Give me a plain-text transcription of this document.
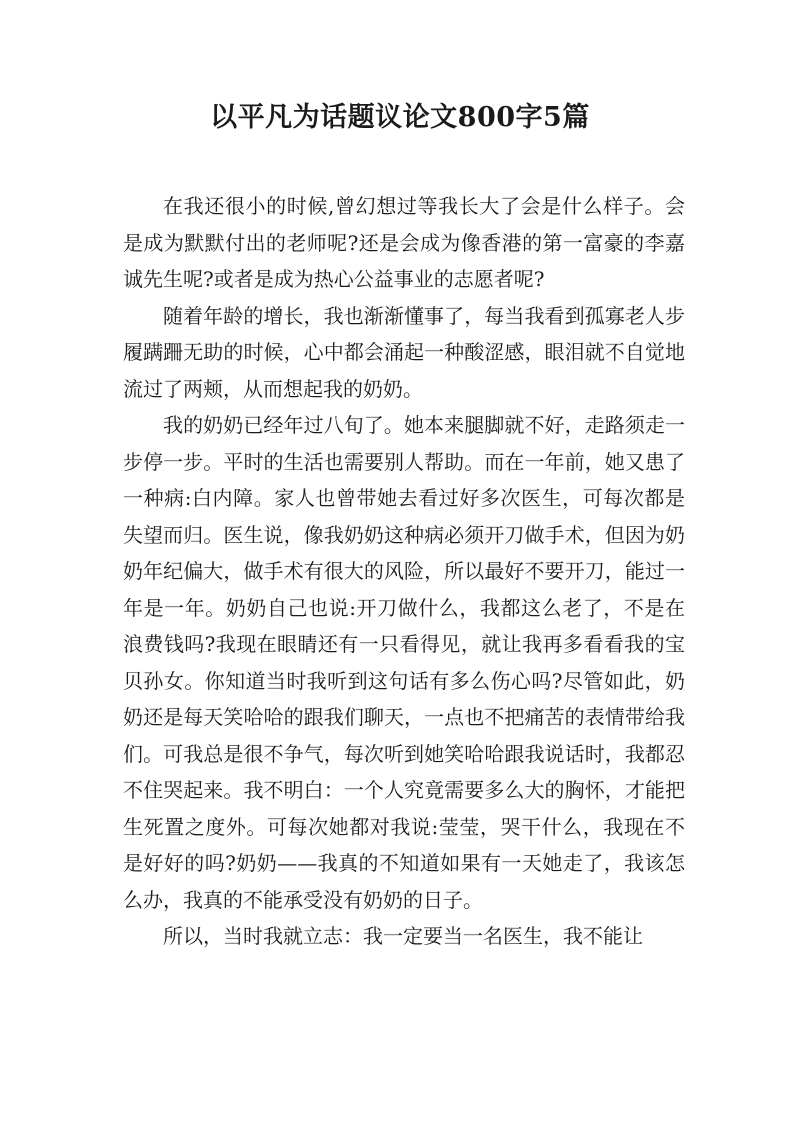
以平凡为话题议论文800字5篇

在我还很小的时候,曾幻想过等我长大了会是什么样子。会是成为默默付出的老师呢?还是会成为像香港的第一富豪的李嘉诚先生呢?或者是成为热心公益事业的志愿者呢?

随着年龄的增长，我也渐渐懂事了，每当我看到孤寡老人步履蹒跚无助的时候，心中都会涌起一种酸涩感，眼泪就不自觉地流过了两颊，从而想起我的奶奶。

我的奶奶已经年过八旬了。她本来腿脚就不好，走路须走一步停一步。平时的生活也需要别人帮助。而在一年前，她又患了一种病:白内障。家人也曾带她去看过好多次医生，可每次都是失望而归。医生说，像我奶奶这种病必须开刀做手术，但因为奶奶年纪偏大，做手术有很大的风险，所以最好不要开刀，能过一年是一年。奶奶自己也说:开刀做什么，我都这么老了，不是在浪费钱吗?我现在眼睛还有一只看得见，就让我再多看看我的宝贝孙女。你知道当时我听到这句话有多么伤心吗?尽管如此，奶奶还是每天笑哈哈的跟我们聊天，一点也不把痛苦的表情带给我们。可我总是很不争气，每次听到她笑哈哈跟我说话时，我都忍不住哭起来。我不明白：一个人究竟需要多么大的胸怀，才能把生死置之度外。可每次她都对我说:莹莹，哭干什么，我现在不是好好的吗?奶奶——我真的不知道如果有一天她走了，我该怎么办，我真的不能承受没有奶奶的日子。

所以，当时我就立志：我一定要当一名医生，我不能让
